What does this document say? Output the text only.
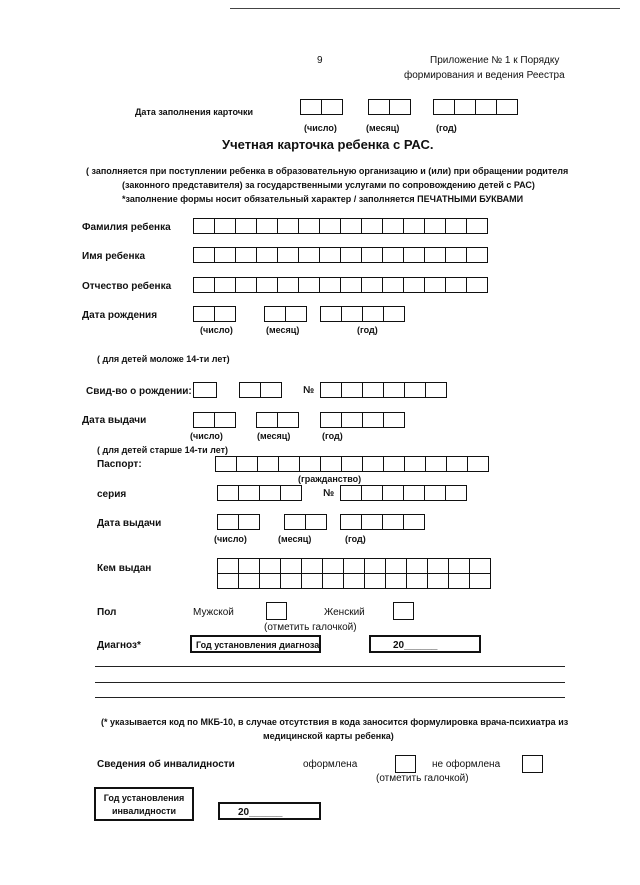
9	Приложение № 1 к Порядку
формирования и ведения Реестра
Дата заполнения карточки
(число)	(месяц)	(год)
Учетная карточка ребенка с РАС.
( заполняется при поступлении ребенка в образовательную организацию и (или) при обращении родителя
(законного представителя) за государственными услугами по сопровождению детей с РАС)
*заполнение формы носит обязательный характер / заполняется ПЕЧАТНЫМИ БУКВАМИ
Фамилия ребенка
Имя ребенка
Отчество ребенка
Дата рождения
(число)	(месяц)	(год)
( для детей моложе 14-ти лет)
Свид-во о рождении:	№
Дата выдачи
(число)	(месяц)	(год)
( для детей старше 14-ти лет)
Паспорт:
(гражданство)
серия	№
Дата выдачи
(число)	(месяц)	(год)
Кем выдан
Пол	Мужской	Женский
(отметить галочкой)
Диагноз*	Год установления диагноза	20______
(* указывается код по МКБ-10, в случае отсутствия в кода заносится формулировка врача-психиатра из
медицинской карты ребенка)
Сведения об инвалидности	оформлена	не оформлена
(отметить галочкой)
Год установления
инвалидности	20______
